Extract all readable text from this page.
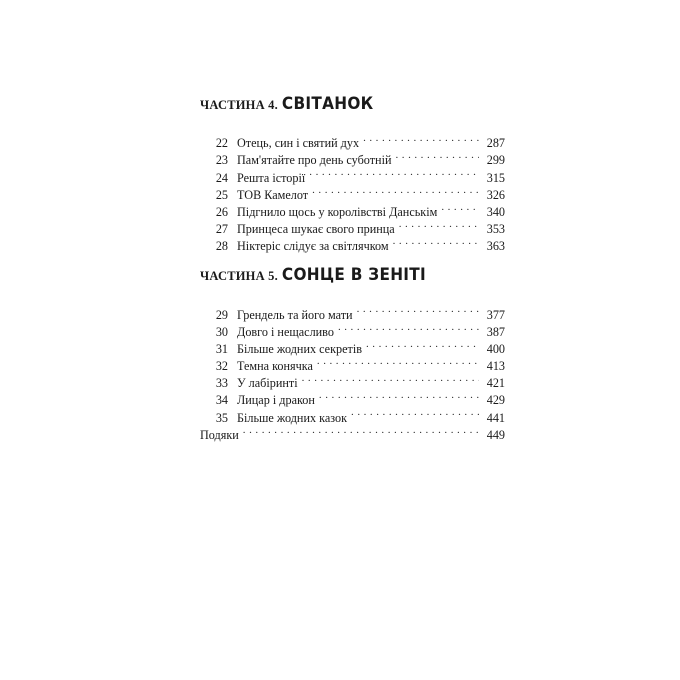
ЧАСТИНА 4. СВІТАНОК
22 Отець, син і святий дух . . .	287
23 Пам'ятайте про день суботній . . .	299
24 Решта історії . . .	315
25 ТОВ Камелот . . .	326
26 Підгнило щось у королівстві Данськім . . .	340
27 Принцеса шукає свого принца . . .	353
28 Ніктеріс слідує за світлячком . . .	363
ЧАСТИНА 5. СОНЦЕ В ЗЕНІТІ
29 Грендель та його мати . . .	377
30 Довго і нещасливо . . .	387
31 Більше жодних секретів . . .	400
32 Темна конячка . . .	413
33 У лабіринті . . .	421
34 Лицар і дракон . . .	429
35 Більше жодних казок . . .	441
Подяки . . .	449
